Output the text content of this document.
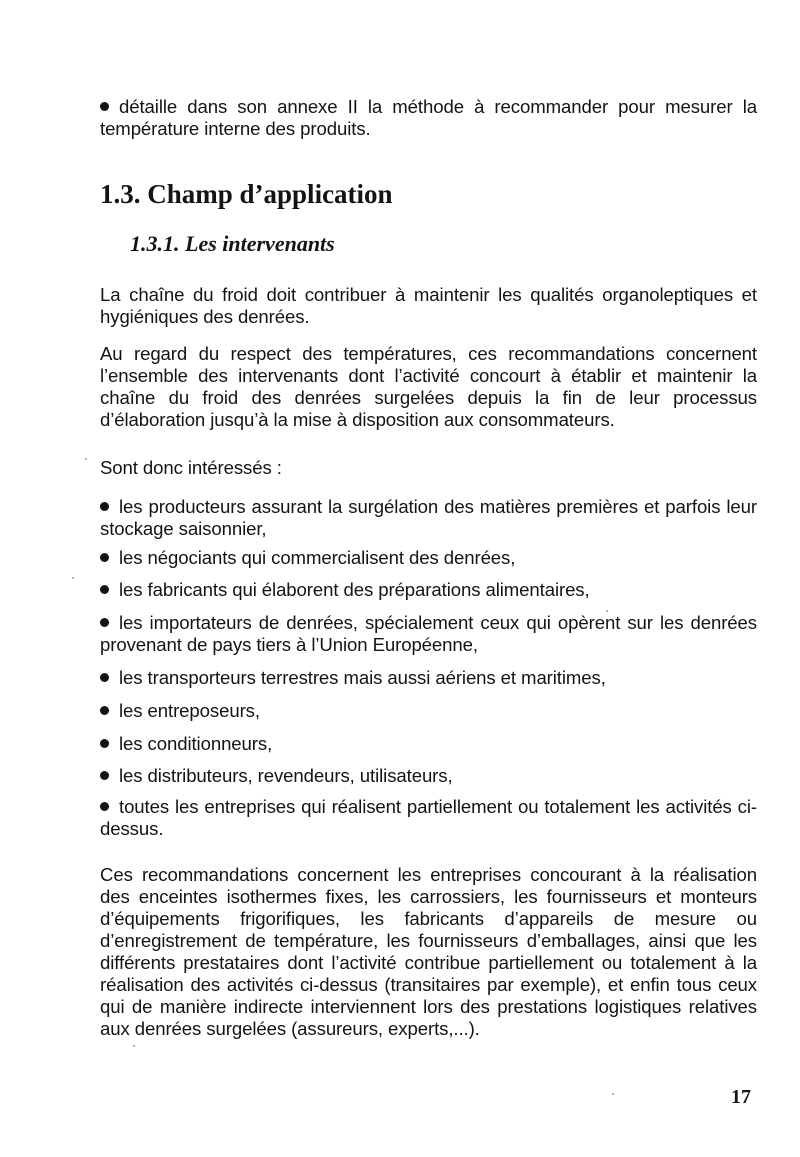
détaille dans son annexe II la méthode à recommander pour mesurer la température interne des produits.

1.3. Champ d’application
1.3.1. Les intervenants

La chaîne du froid doit contribuer à maintenir les qualités organoleptiques et hygiéniques des denrées.

Au regard du respect des températures, ces recommandations concernent l’ensemble des intervenants dont l’activité concourt à établir et maintenir la chaîne du froid des denrées surgelées depuis la fin de leur processus d’élaboration jusqu’à la mise à disposition aux consommateurs.

Sont donc intéressés :

les producteurs assurant la surgélation des matières premières et parfois leur stockage saisonnier,

les négociants qui commercialisent des denrées,

les fabricants qui élaborent des préparations alimentaires,

les importateurs de denrées, spécialement ceux qui opèrent sur les denrées provenant de pays tiers à l’Union Européenne,

les transporteurs terrestres mais aussi aériens et maritimes,

les entreposeurs,

les conditionneurs,

les distributeurs, revendeurs, utilisateurs,

toutes les entreprises qui réalisent partiellement ou totalement les activités ci-dessus.

Ces recommandations concernent les entreprises concourant à la réalisation des enceintes isothermes fixes, les carrossiers, les fournisseurs et monteurs d’équipements frigorifiques, les fabricants d’appareils de mesure ou d’enregistrement de température, les fournisseurs d’emballages, ainsi que les différents prestataires dont l’activité contribue partiellement ou totalement à la réalisation des activités ci-dessus (transitaires par exemple), et enfin tous ceux qui de manière indirecte interviennent lors des prestations logistiques relatives aux denrées surgelées (assureurs, experts,...).

17
